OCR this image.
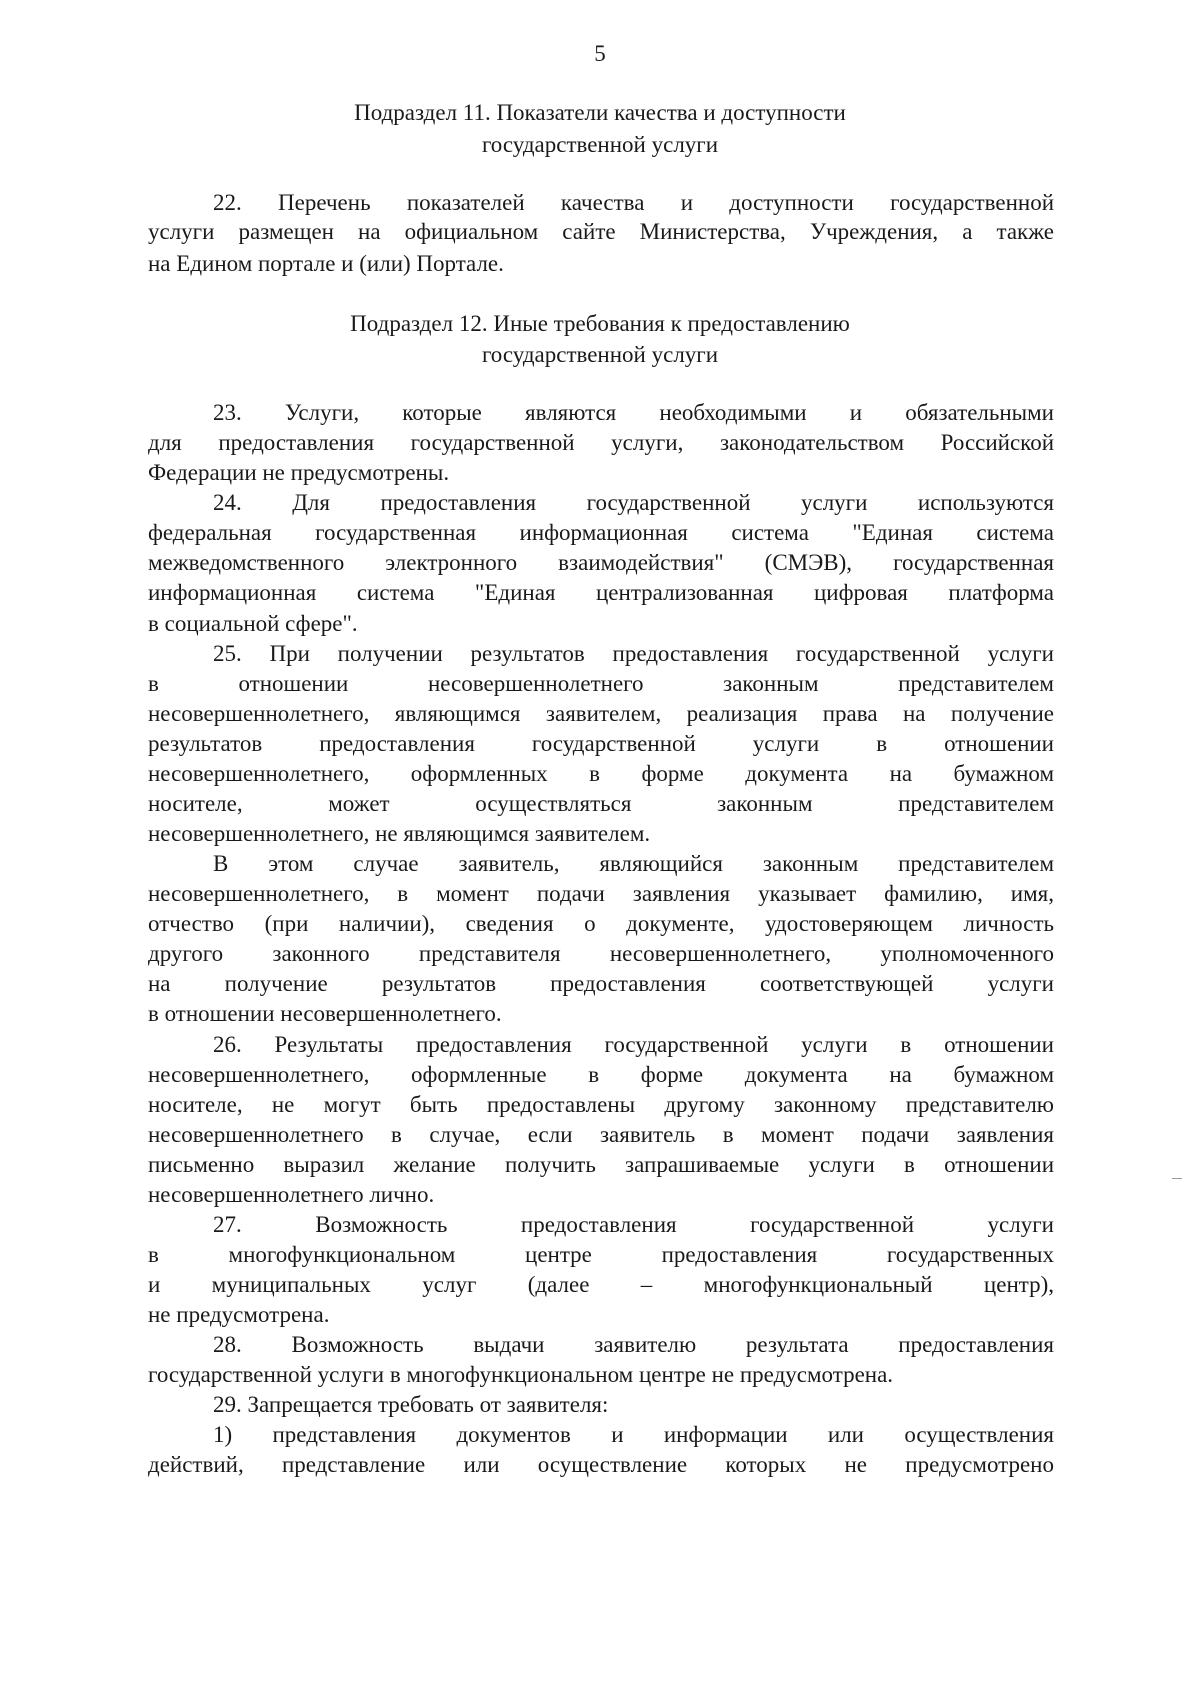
5
Подраздел 11. Показатели качества и доступности
государственной услуги
22. Перечень показателей качества и доступности государственной
услуги размещен на официальном сайте Министерства, Учреждения, а также
на Едином портале и (или) Портале.
Подраздел 12. Иные требования к предоставлению
государственной услуги
23. Услуги, которые являются необходимыми и обязательными
для предоставления государственной услуги, законодательством Российской
Федерации не предусмотрены.
24. Для предоставления государственной услуги используются
федеральная государственная информационная система "Единая система
межведомственного электронного взаимодействия" (СМЭВ), государственная
информационная система "Единая централизованная цифровая платформа
в социальной сфере".
25. При получении результатов предоставления государственной услуги
в отношении несовершеннолетнего законным представителем
несовершеннолетнего, являющимся заявителем, реализация права на получение
результатов предоставления государственной услуги в отношении
несовершеннолетнего, оформленных в форме документа на бумажном
носителе, может осуществляться законным представителем
несовершеннолетнего, не являющимся заявителем.
В этом случае заявитель, являющийся законным представителем
несовершеннолетнего, в момент подачи заявления указывает фамилию, имя,
отчество (при наличии), сведения о документе, удостоверяющем личность
другого законного представителя несовершеннолетнего, уполномоченного
на получение результатов предоставления соответствующей услуги
в отношении несовершеннолетнего.
26. Результаты предоставления государственной услуги в отношении
несовершеннолетнего, оформленные в форме документа на бумажном
носителе, не могут быть предоставлены другому законному представителю
несовершеннолетнего в случае, если заявитель в момент подачи заявления
письменно выразил желание получить запрашиваемые услуги в отношении
несовершеннолетнего лично.
27. Возможность предоставления государственной услуги
в многофункциональном центре предоставления государственных
и муниципальных услуг (далее – многофункциональный центр),
не предусмотрена.
28. Возможность выдачи заявителю результата предоставления
государственной услуги в многофункциональном центре не предусмотрена.
29. Запрещается требовать от заявителя:
1) представления документов и информации или осуществления
действий, представление или осуществление которых не предусмотрено
